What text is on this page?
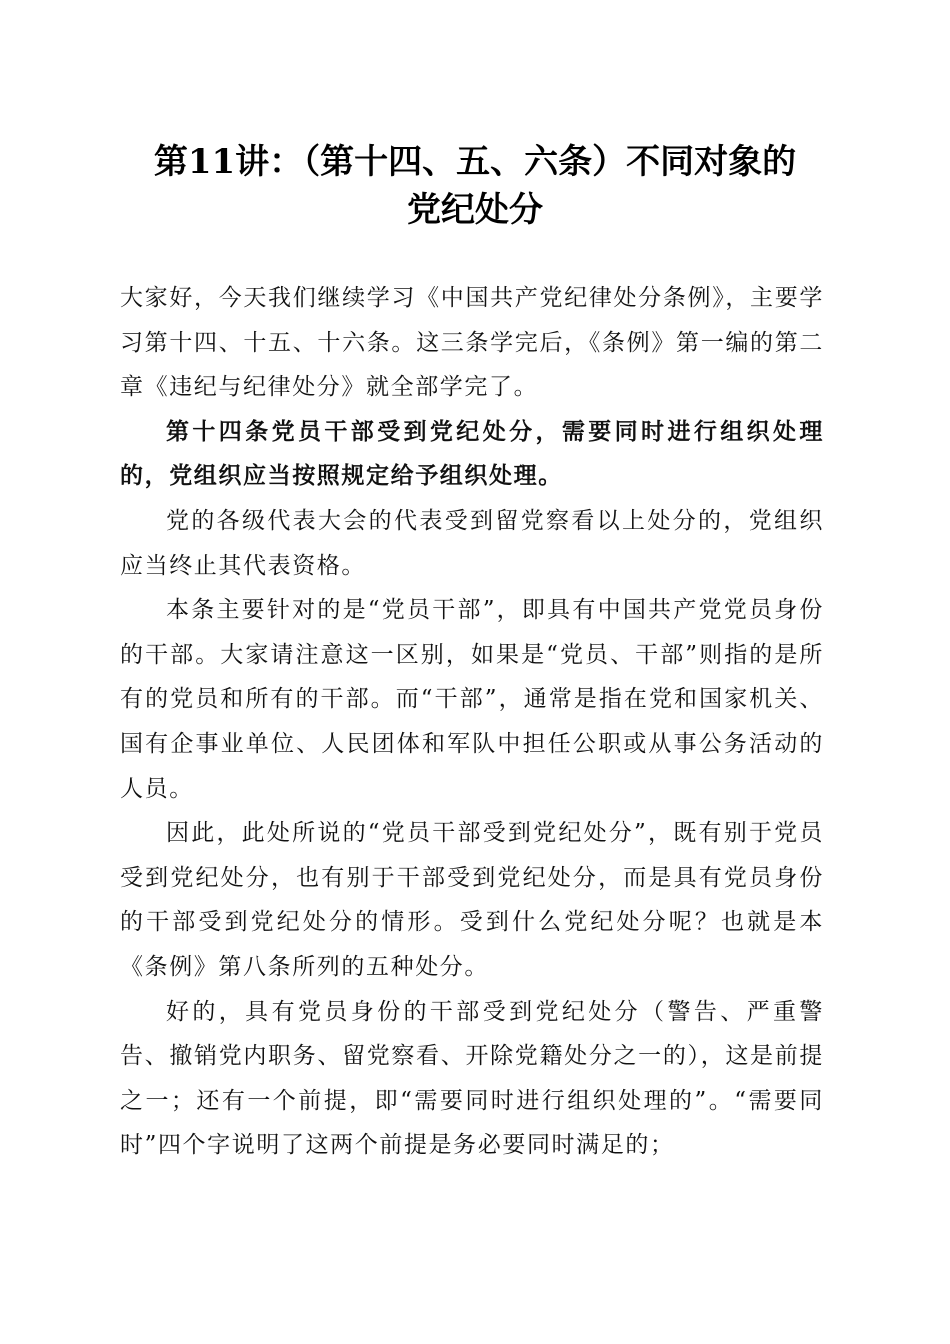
第11讲：（第十四、五、六条）不同对象的
党纪处分

大家好，今天我们继续学习《中国共产党纪律处分条例》，主要学习第十四、十五、十六条。这三条学完后，《条例》第一编的第二章《违纪与纪律处分》就全部学完了。

第十四条党员干部受到党纪处分，需要同时进行组织处理的，党组织应当按照规定给予组织处理。

党的各级代表大会的代表受到留党察看以上处分的，党组织应当终止其代表资格。

本条主要针对的是“党员干部”，即具有中国共产党党员身份的干部。大家请注意这一区别，如果是“党员、干部”则指的是所有的党员和所有的干部。而“干部”，通常是指在党和国家机关、国有企事业单位、人民团体和军队中担任公职或从事公务活动的人员。

因此，此处所说的“党员干部受到党纪处分”，既有别于党员受到党纪处分，也有别于干部受到党纪处分，而是具有党员身份的干部受到党纪处分的情形。受到什么党纪处分呢？也就是本《条例》第八条所列的五种处分。

好的，具有党员身份的干部受到党纪处分（警告、严重警告、撤销党内职务、留党察看、开除党籍处分之一的），这是前提之一；还有一个前提，即“需要同时进行组织处理的”。“需要同时”四个字说明了这两个前提是务必要同时满足的；
